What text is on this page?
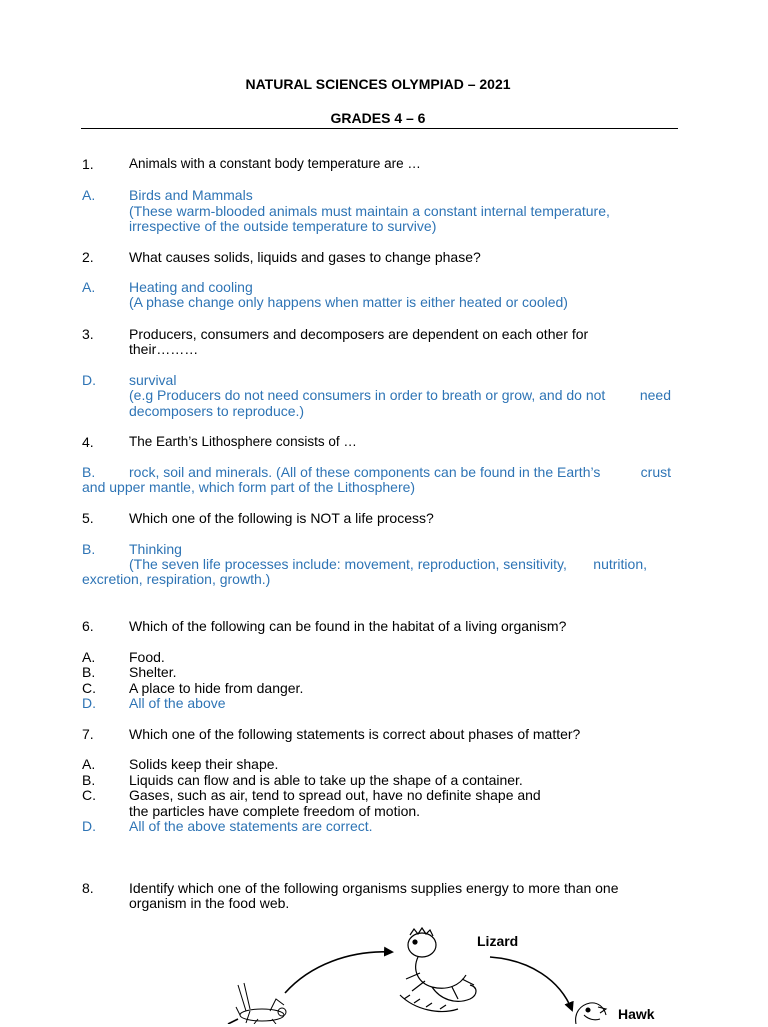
NATURAL SCIENCES OLYMPIAD – 2021
GRADES 4 – 6
1.	Animals with a constant body temperature are …
A. Birds and Mammals
(These warm-blooded animals must maintain a constant internal temperature,
irrespective of the outside temperature to survive)
2.	What causes solids, liquids and gases to change phase?
A. Heating and cooling
(A phase change only happens when matter is either heated or cooled)
3.	Producers, consumers and decomposers are dependent on each other for
their………
D. survival
(e.g Producers do not need consumers in order to breath or grow, and do not need
decomposers to reproduce.)
4.	The Earth’s Lithosphere consists of …
B. rock, soil and minerals. (All of these components can be found in the Earth’s	crust
and upper mantle, which form part of the Lithosphere)
5.	Which one of the following is NOT a life process?
B. Thinking
(The seven life processes include: movement, reproduction, sensitivity, nutrition,
excretion, respiration, growth.)
6.	Which of the following can be found in the habitat of a living organism?
A. Food.
B. Shelter.
C. A place to hide from danger.
D. All of the above
7.	Which one of the following statements is correct about phases of matter?
A. Solids keep their shape.
B. Liquids can flow and is able to take up the shape of a container.
C. Gases, such as air, tend to spread out, have no definite shape and
the particles have complete freedom of motion.
D. All of the above statements are correct.
8.	Identify which one of the following organisms supplies energy to more than one
organism in the food web.
Lizard
Hawk
